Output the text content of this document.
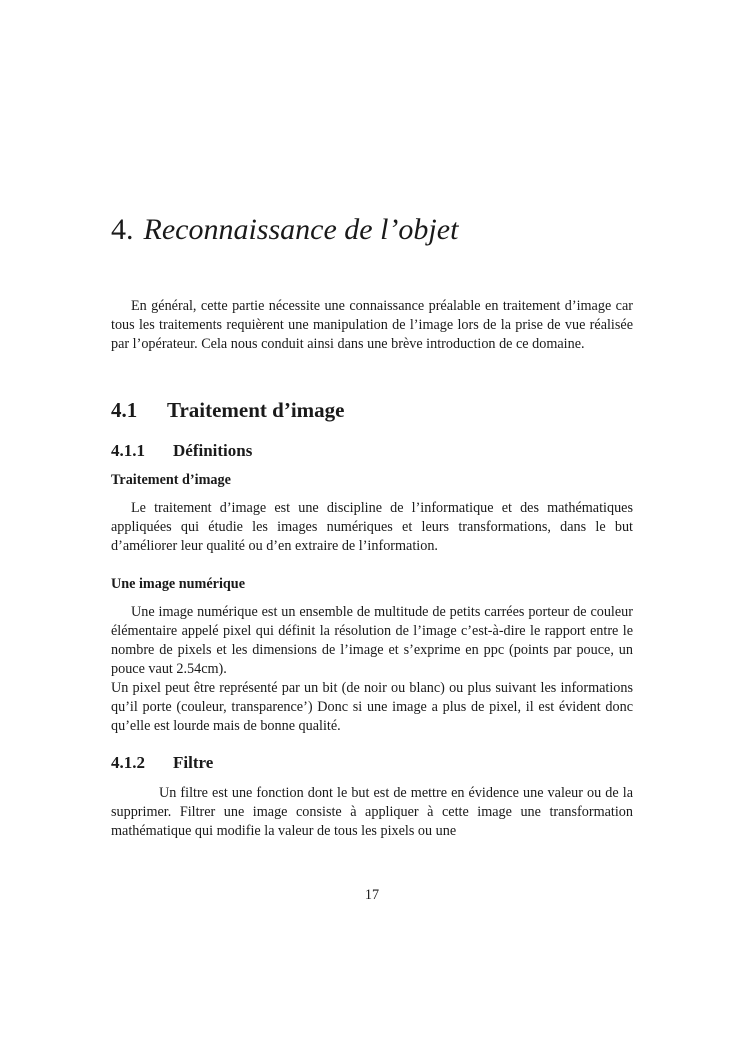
4. Reconnaissance de l’objet

En général, cette partie nécessite une connaissance préalable en traitement d’image car tous les traitements requièrent une manipulation de l’image lors de la prise de vue réalisée par l’opérateur. Cela nous conduit ainsi dans une brève introduction de ce domaine.

4.1 Traitement d’image
4.1.1 Définitions
Traitement d’image

Le traitement d’image est une discipline de l’informatique et des mathématiques appliquées qui étudie les images numériques et leurs transformations, dans le but d’améliorer leur qualité ou d’en extraire de l’information.

Une image numérique

Une image numérique est un ensemble de multitude de petits carrées porteur de couleur élémentaire appelé pixel qui définit la résolution de l’image c’est-à-dire le rapport entre le nombre de pixels et les dimensions de l’image et s’exprime en ppc (points par pouce, un pouce vaut 2.54cm).

Un pixel peut être représenté par un bit (de noir ou blanc) ou plus suivant les informations qu’il porte (couleur, transparence’) Donc si une image a plus de pixel, il est évident donc qu’elle est lourde mais de bonne qualité.

4.1.2 Filtre

Un filtre est une fonction dont le but est de mettre en évidence une valeur ou de la supprimer. Filtrer une image consiste à appliquer à cette image une transformation mathématique qui modifie la valeur de tous les pixels ou une

17
